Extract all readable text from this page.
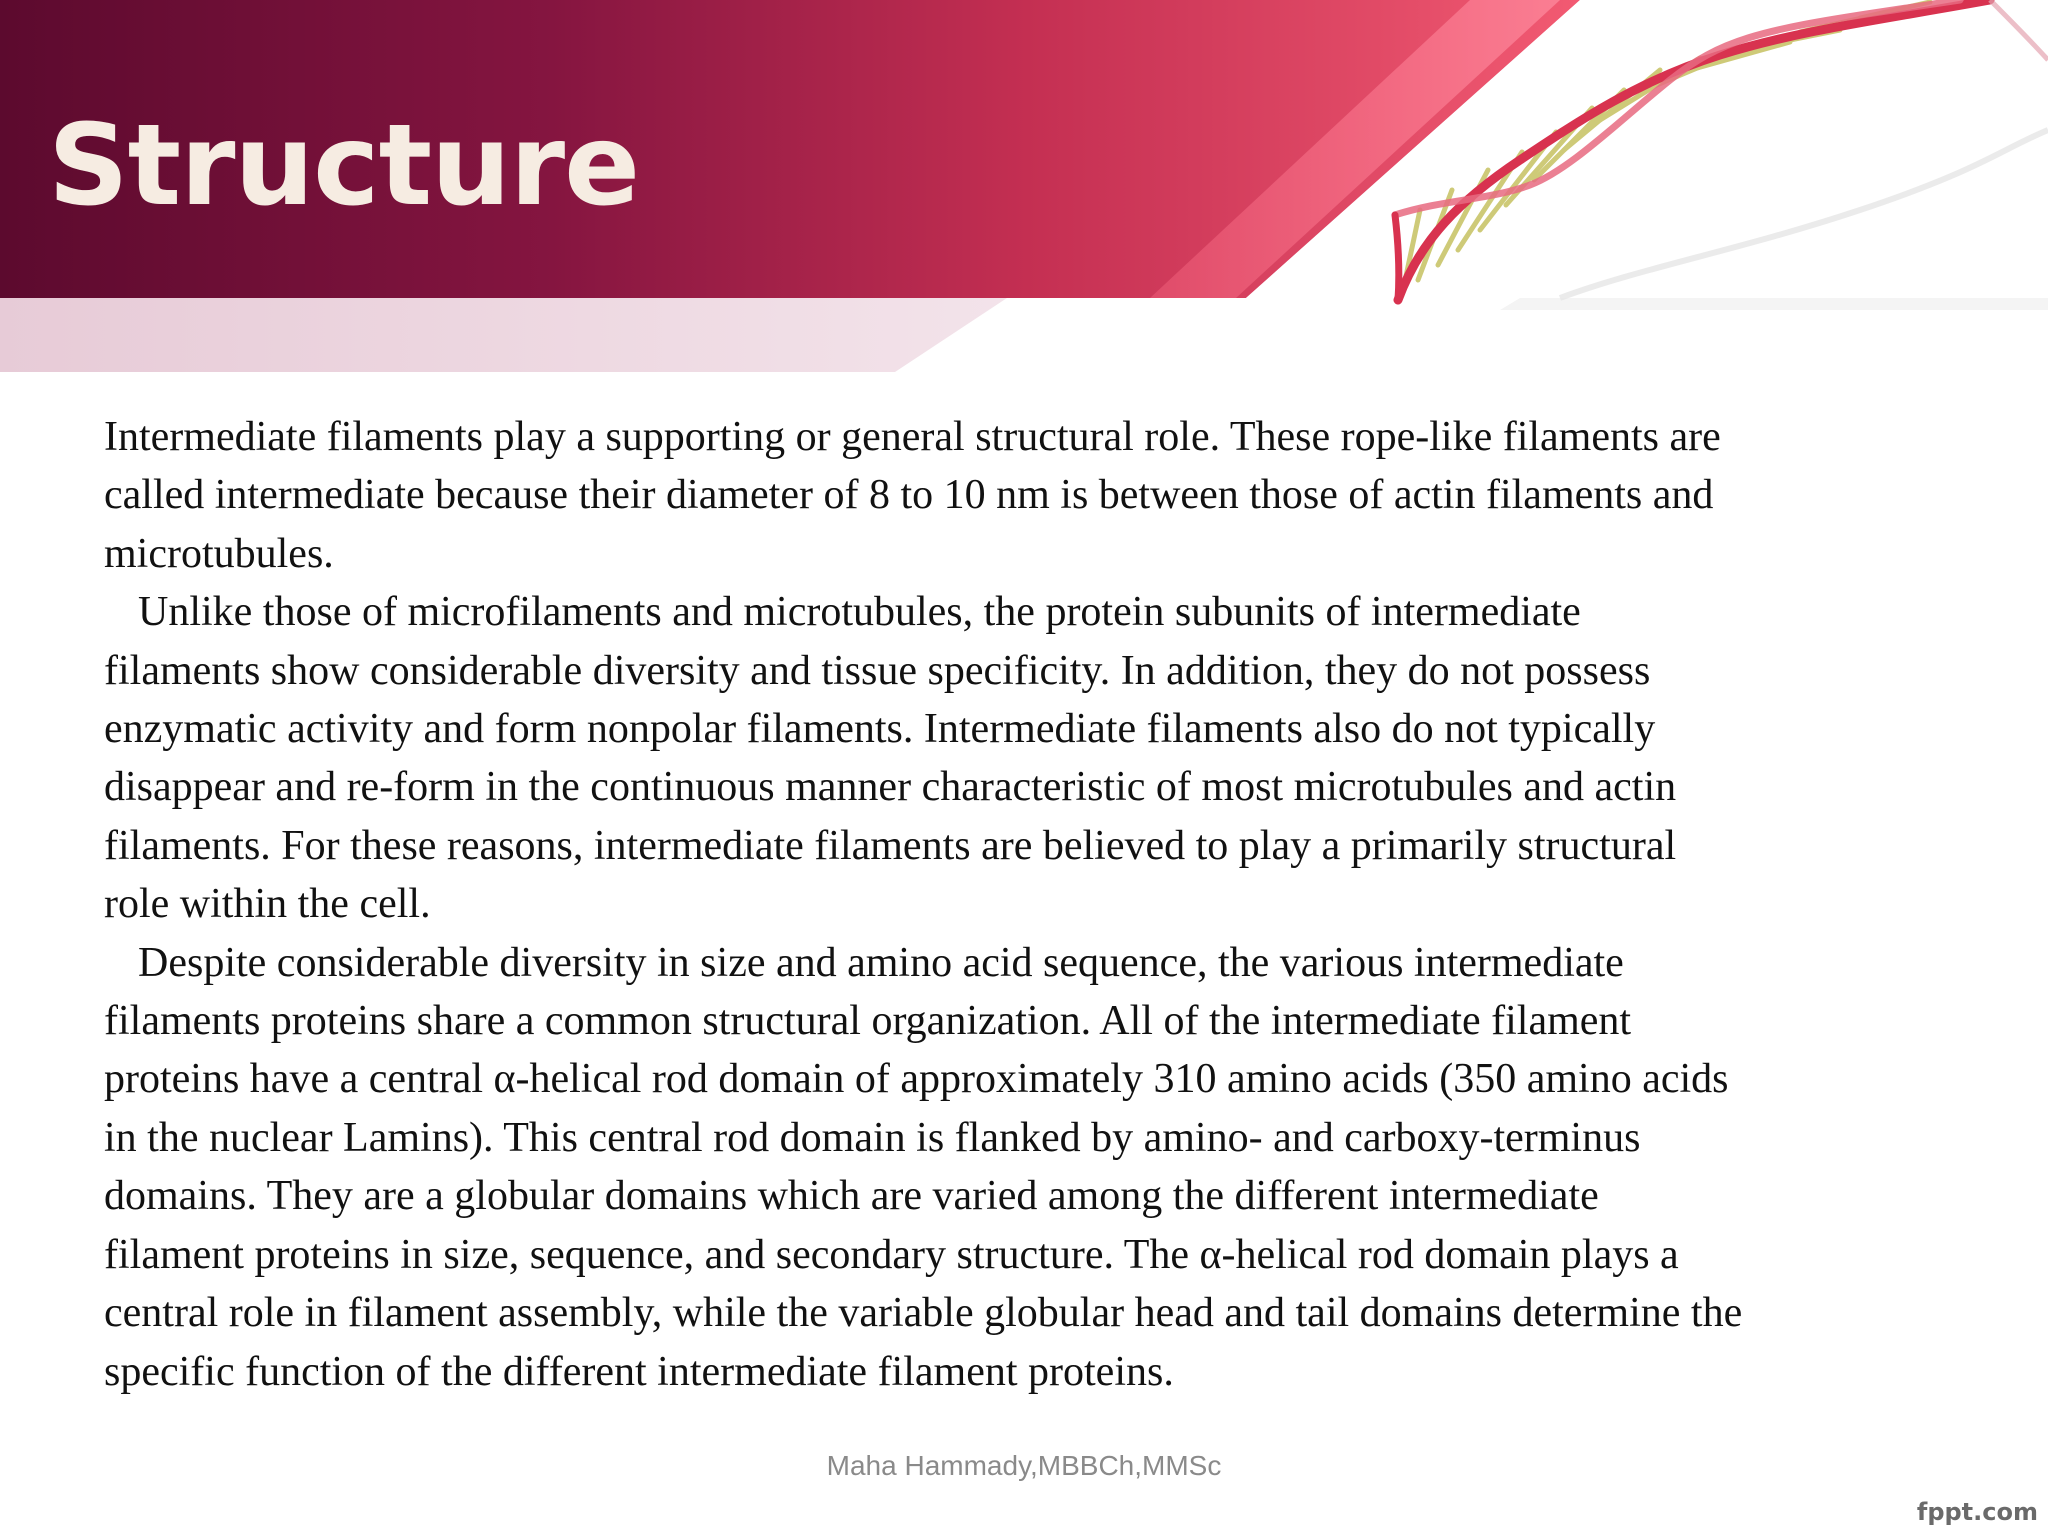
Structure

Intermediate filaments play a supporting or general structural role. These rope-like filaments are called intermediate because their diameter of 8 to 10 nm is between those of actin filaments and microtubules.

Unlike those of microfilaments and microtubules, the protein subunits of intermediate filaments show considerable diversity and tissue specificity. In addition, they do not possess enzymatic activity and form nonpolar filaments. Intermediate filaments also do not typically disappear and re-form in the continuous manner characteristic of most microtubules and actin filaments. For these reasons, intermediate filaments are believed to play a primarily structural role within the cell.

Despite considerable diversity in size and amino acid sequence, the various intermediate filaments proteins share a common structural organization. All of the intermediate filament proteins have a central α-helical rod domain of approximately 310 amino acids (350 amino acids in the nuclear Lamins). This central rod domain is flanked by amino- and carboxy-terminus domains. They are a globular domains which are varied among the different intermediate filament proteins in size, sequence, and secondary structure. The α-helical rod domain plays a central role in filament assembly, while the variable globular head and tail domains determine the specific function of the different intermediate filament proteins.

Maha Hammady,MBBCh,MMSc
fppt.com
